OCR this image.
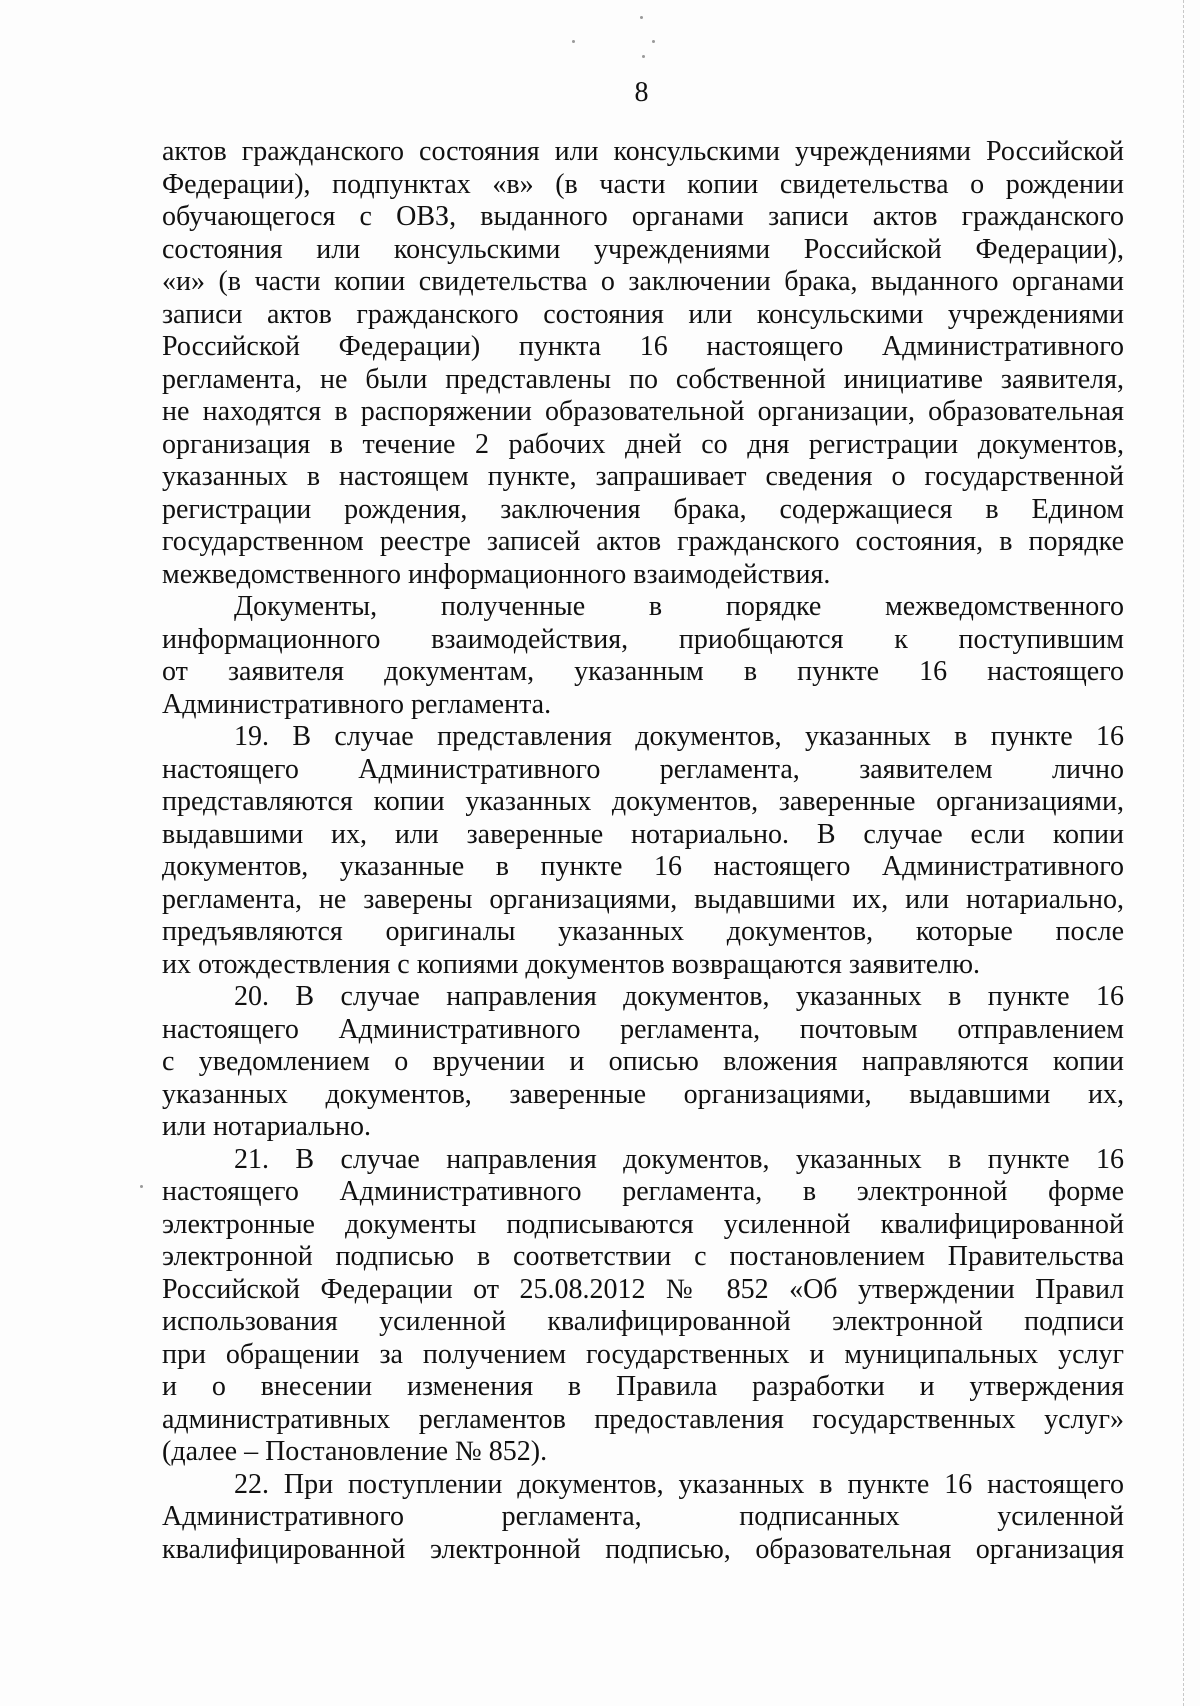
8
актов гражданского состояния или консульскими учреждениями Российской
Федерации), подпунктах «в» (в части копии свидетельства о рождении
обучающегося с ОВЗ, выданного органами записи актов гражданского
состояния или консульскими учреждениями Российской Федерации),
«и» (в части копии свидетельства о заключении брака, выданного органами
записи актов гражданского состояния или консульскими учреждениями
Российской Федерации) пункта 16 настоящего Административного
регламента, не были представлены по собственной инициативе заявителя,
не находятся в распоряжении образовательной организации, образовательная
организация в течение 2 рабочих дней со дня регистрации документов,
указанных в настоящем пункте, запрашивает сведения о государственной
регистрации рождения, заключения брака, содержащиеся в Едином
государственном реестре записей актов гражданского состояния, в порядке
межведомственного информационного взаимодействия.
Документы, полученные в порядке межведомственного
информационного взаимодействия, приобщаются к поступившим
от заявителя документам, указанным в пункте 16 настоящего
Административного регламента.
19. В случае представления документов, указанных в пункте 16
настоящего Административного регламента, заявителем лично
представляются копии указанных документов, заверенные организациями,
выдавшими их, или заверенные нотариально. В случае если копии
документов, указанные в пункте 16 настоящего Административного
регламента, не заверены организациями, выдавшими их, или нотариально,
предъявляются оригиналы указанных документов, которые после
их отождествления с копиями документов возвращаются заявителю.
20. В случае направления документов, указанных в пункте 16
настоящего Административного регламента, почтовым отправлением
с уведомлением о вручении и описью вложения направляются копии
указанных документов, заверенные организациями, выдавшими их,
или нотариально.
21. В случае направления документов, указанных в пункте 16
настоящего Административного регламента, в электронной форме
электронные документы подписываются усиленной квалифицированной
электронной подписью в соответствии с постановлением Правительства
Российской Федерации от 25.08.2012 № 852 «Об утверждении Правил
использования усиленной квалифицированной электронной подписи
при обращении за получением государственных и муниципальных услуг
и о внесении изменения в Правила разработки и утверждения
административных регламентов предоставления государственных услуг»
(далее – Постановление № 852).
22. При поступлении документов, указанных в пункте 16 настоящего
Административного регламента, подписанных усиленной
квалифицированной электронной подписью, образовательная организация
